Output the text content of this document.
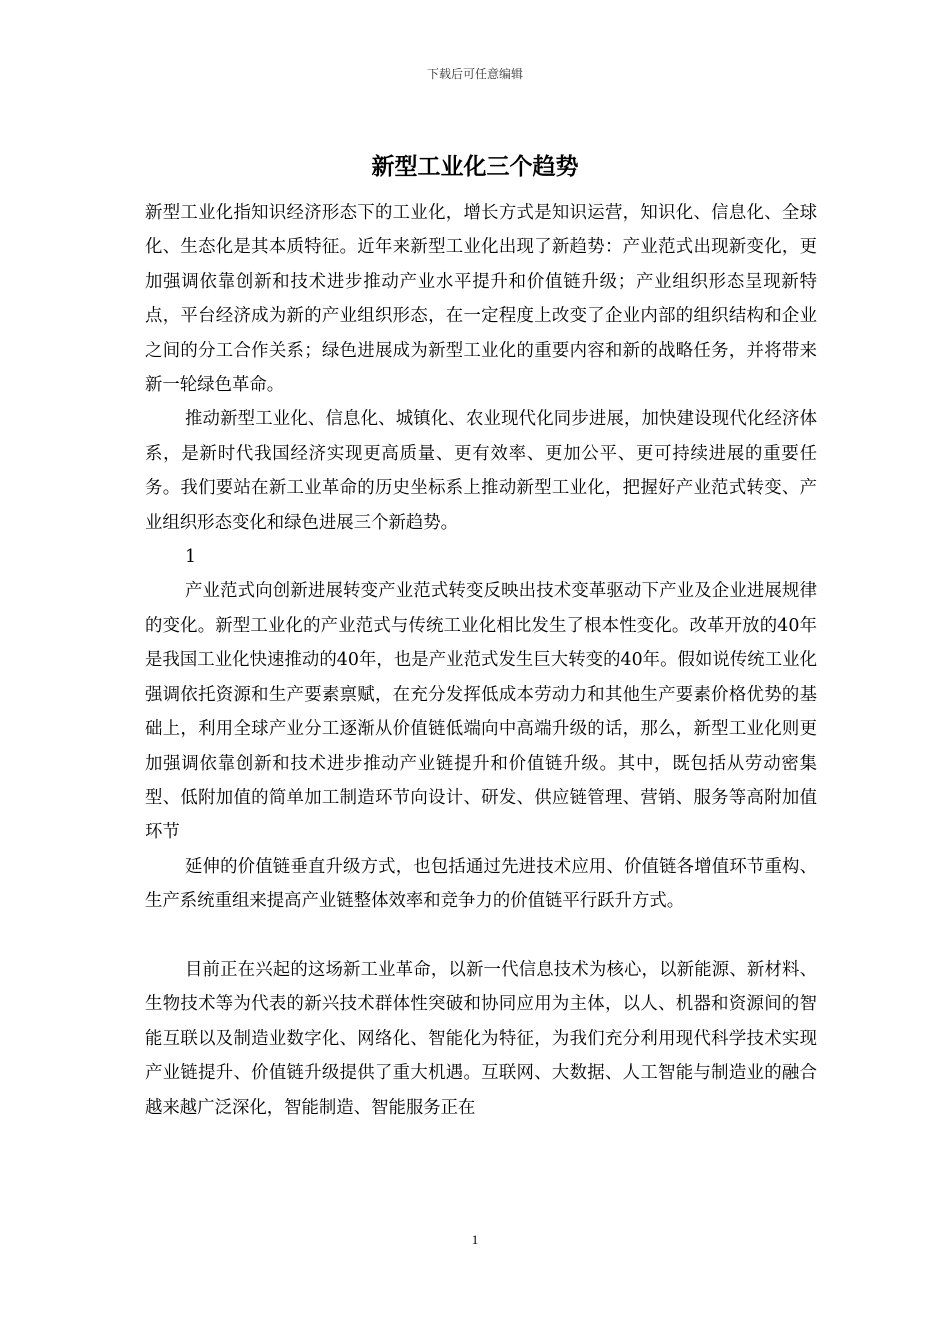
下载后可任意编辑
新型工业化三个趋势

新型工业化指知识经济形态下的工业化，增长方式是知识运营，知识化、信息化、全球化、生态化是其本质特征。近年来新型工业化出现了新趋势：产业范式出现新变化，更加强调依靠创新和技术进步推动产业水平提升和价值链升级；产业组织形态呈现新特点，平台经济成为新的产业组织形态，在一定程度上改变了企业内部的组织结构和企业之间的分工合作关系；绿色进展成为新型工业化的重要内容和新的战略任务，并将带来新一轮绿色革命。

推动新型工业化、信息化、城镇化、农业现代化同步进展，加快建设现代化经济体系，是新时代我国经济实现更高质量、更有效率、更加公平、更可持续进展的重要任务。我们要站在新工业革命的历史坐标系上推动新型工业化，把握好产业范式转变、产业组织形态变化和绿色进展三个新趋势。

1

产业范式向创新进展转变产业范式转变反映出技术变革驱动下产业及企业进展规律的变化。新型工业化的产业范式与传统工业化相比发生了根本性变化。改革开放的40年是我国工业化快速推动的40年，也是产业范式发生巨大转变的40年。假如说传统工业化强调依托资源和生产要素禀赋，在充分发挥低成本劳动力和其他生产要素价格优势的基础上，利用全球产业分工逐渐从价值链低端向中高端升级的话，那么，新型工业化则更加强调依靠创新和技术进步推动产业链提升和价值链升级。其中，既包括从劳动密集型、低附加值的简单加工制造环节向设计、研发、供应链管理、营销、服务等高附加值环节

延伸的价值链垂直升级方式，也包括通过先进技术应用、价值链各增值环节重构、生产系统重组来提高产业链整体效率和竞争力的价值链平行跃升方式。

目前正在兴起的这场新工业革命，以新一代信息技术为核心，以新能源、新材料、生物技术等为代表的新兴技术群体性突破和协同应用为主体，以人、机器和资源间的智能互联以及制造业数字化、网络化、智能化为特征，为我们充分利用现代科学技术实现产业链提升、价值链升级提供了重大机遇。互联网、大数据、人工智能与制造业的融合越来越广泛深化，智能制造、智能服务正在

1
